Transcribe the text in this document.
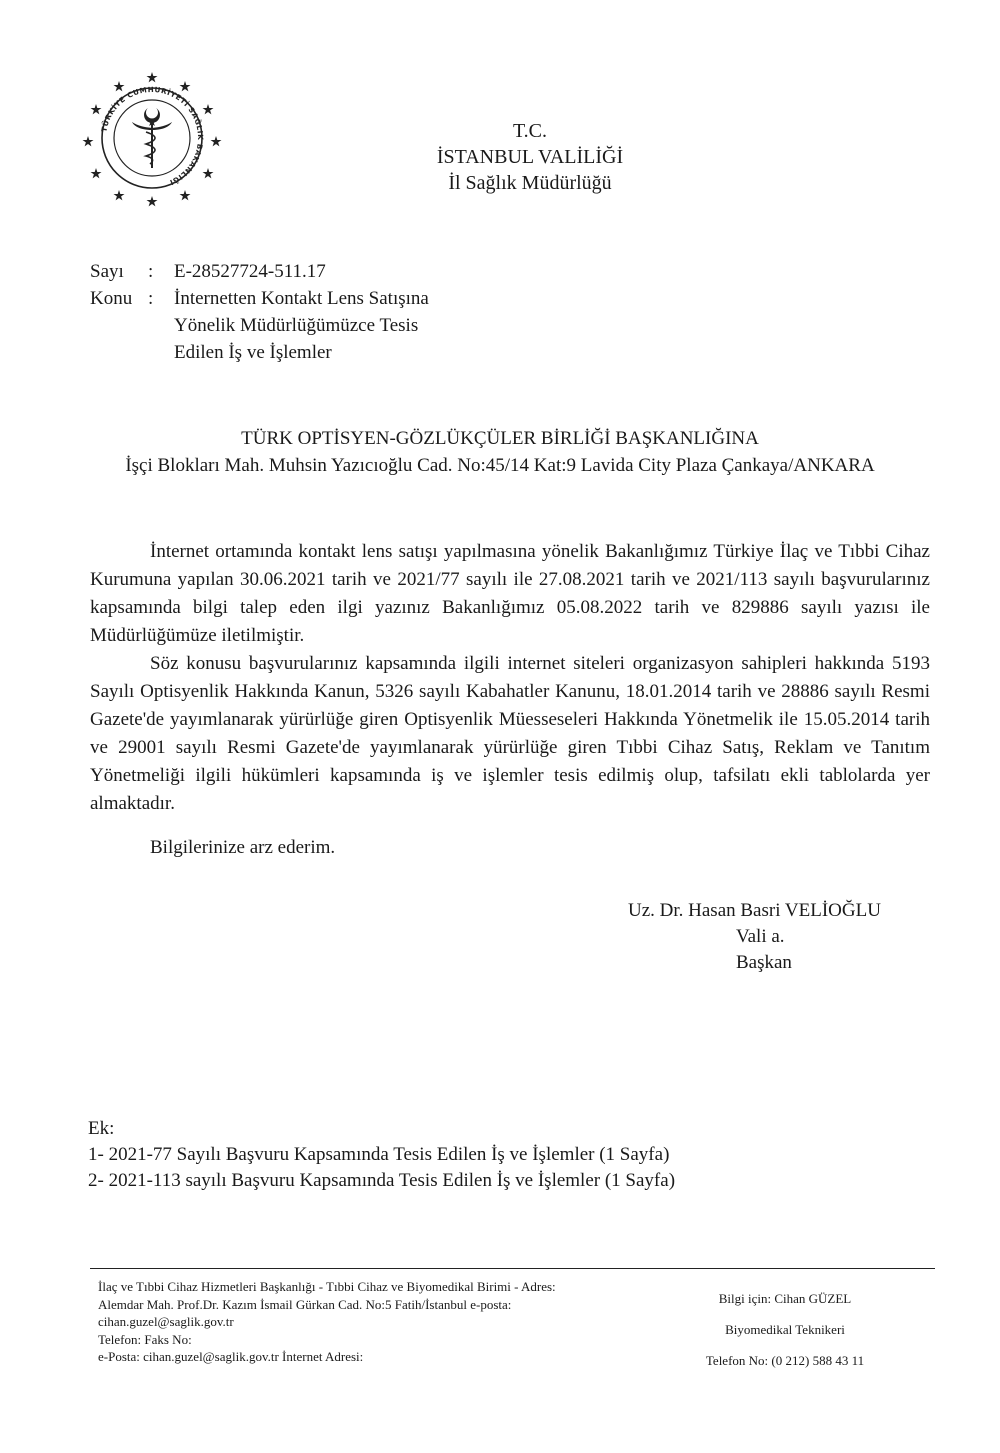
TÜRKİYE CUMHURİYETİ SAĞLIK BAKANLIĞI
T.C.
İSTANBUL VALİLİĞİ
İl Sağlık Müdürlüğü
Sayı	:	E-28527724-511.17
Konu :	İnternetten Kontakt Lens Satışına
Yönelik Müdürlüğümüzce Tesis
Edilen İş ve İşlemler
TÜRK OPTİSYEN-GÖZLÜKÇÜLER BİRLİĞİ BAŞKANLIĞINA
İşçi Blokları Mah. Muhsin Yazıcıoğlu Cad. No:45/14 Kat:9 Lavida City Plaza Çankaya/ANKARA

İnternet ortamında kontakt lens satışı yapılmasına yönelik Bakanlığımız Türkiye İlaç ve Tıbbi Cihaz Kurumuna yapılan 30.06.2021 tarih ve 2021/77 sayılı ile 27.08.2021 tarih ve 2021/113 sayılı başvurularınız kapsamında bilgi talep eden ilgi yazınız Bakanlığımız 05.08.2022 tarih ve 829886 sayılı yazısı ile Müdürlüğümüze iletilmiştir.

Söz konusu başvurularınız kapsamında ilgili internet siteleri organizasyon sahipleri hakkında 5193 Sayılı Optisyenlik Hakkında Kanun, 5326 sayılı Kabahatler Kanunu, 18.01.2014 tarih ve 28886 sayılı Resmi Gazete'de yayımlanarak yürürlüğe giren Optisyenlik Müesseseleri Hakkında Yönetmelik ile 15.05.2014 tarih ve 29001 sayılı Resmi Gazete'de yayımlanarak yürürlüğe giren Tıbbi Cihaz Satış, Reklam ve Tanıtım Yönetmeliği ilgili hükümleri kapsamında iş ve işlemler tesis edilmiş olup, tafsilatı ekli tablolarda yer almaktadır.

Bilgilerinize arz ederim.

Uz. Dr. Hasan Basri VELİOĞLU
Vali a.
Başkan
Ek:
1- 2021-77 Sayılı Başvuru Kapsamında Tesis Edilen İş ve İşlemler (1 Sayfa)
2- 2021-113 sayılı Başvuru Kapsamında Tesis Edilen İş ve İşlemler (1 Sayfa)
İlaç ve Tıbbi Cihaz Hizmetleri Başkanlığı - Tıbbi Cihaz ve Biyomedikal Birimi - Adres:
Alemdar Mah. Prof.Dr. Kazım İsmail Gürkan Cad. No:5 Fatih/İstanbul e-posta:
cihan.guzel@saglik.gov.tr
Telefon: Faks No:
e-Posta: cihan.guzel@saglik.gov.tr İnternet Adresi:
Bilgi için: Cihan GÜZEL
Biyomedikal Teknikeri
Telefon No: (0 212) 588 43 11
